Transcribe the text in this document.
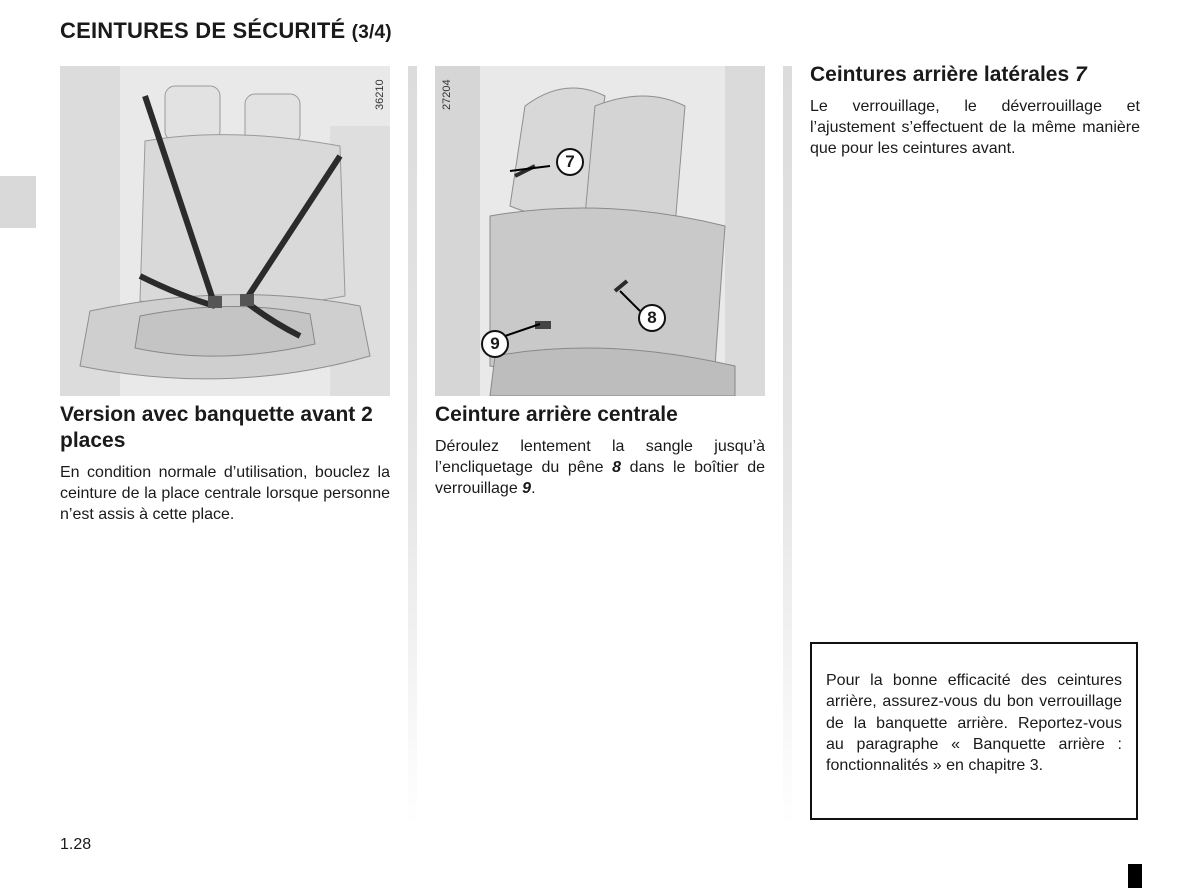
CEINTURES DE SÉCURITÉ (3/4)
36210
Version avec banquette avant 2 places

En condition normale d’utilisation, bouclez la ceinture de la place centrale lorsque personne n’est assis à cette place.

27204
7
8
9
Ceinture arrière centrale

Déroulez lentement la sangle jusqu’à l’encliquetage du pêne 8 dans le boîtier de verrouillage 9.

Ceintures arrière latérales 7

Le verrouillage, le déverrouillage et l’ajustement s’effectuent de la même manière que pour les ceintures avant.

Pour la bonne efficacité des ceintures arrière, assurez-vous du bon verrouillage de la banquette arrière. Reportez-vous au paragraphe « Banquette arrière : fonctionnalités » en chapitre 3.

1.28
